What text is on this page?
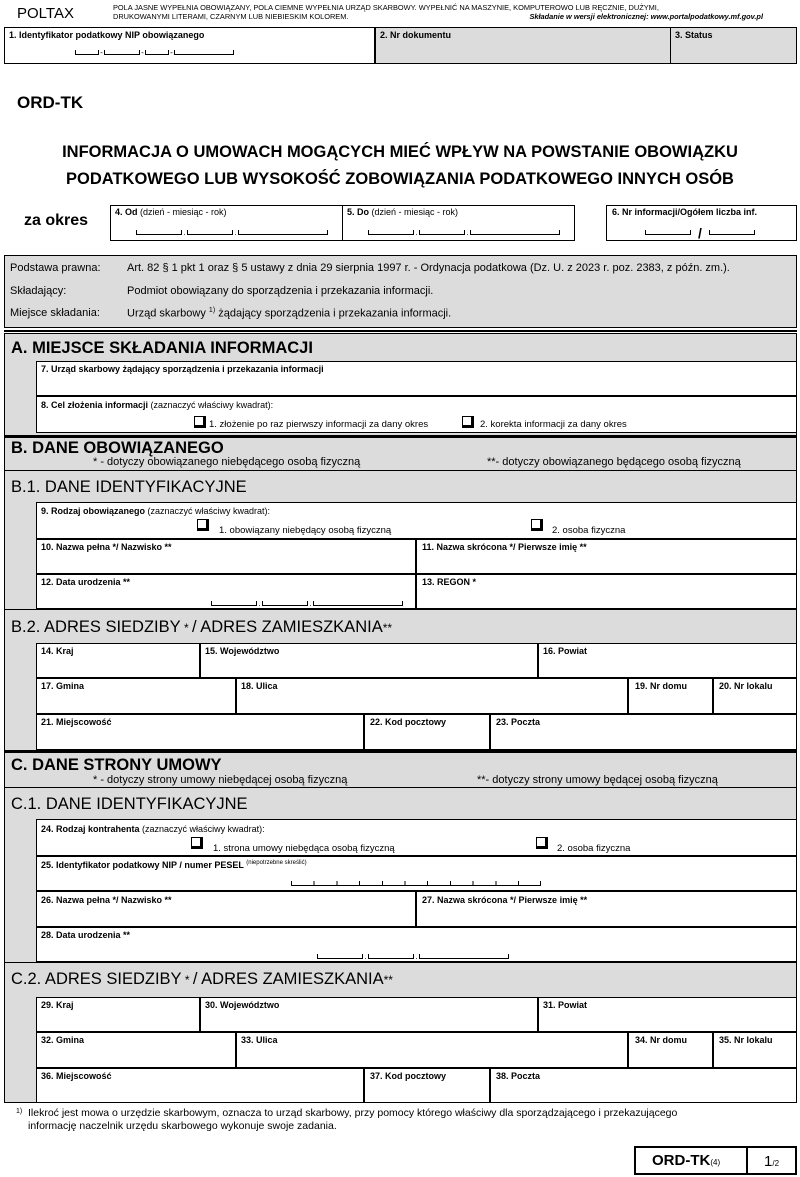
POLTAX	POLA JASNE WYPEŁNIA OBOWIĄZANY, POLA CIEMNE WYPEŁNIA URZĄD SKARBOWY. WYPEŁNIĆ NA MASZYNIE, KOMPUTEROWO LUB RĘCZNIE, DUŻYMI,
DRUKOWANYMI LITERAMI, CZARNYM LUB NIEBIESKIM KOLOREM.	Składanie w wersji elektronicznej: www.portalpodatkowy.mf.gov.pl
1. Identyfikator podatkowy NIP obowiązanego
-	-	-
2. Nr dokumentu	3. Status
ORD-TK
INFORMACJA O UMOWACH MOGĄCYCH MIEĆ WPŁYW NA POWSTANIE OBOWIĄZKU
PODATKOWEGO LUB WYSOKOŚĆ ZOBOWIĄZANIA PODATKOWEGO INNYCH OSÓB
za okres	4. Od (dzień - miesiąc - rok)
.	.
5. Do (dzień - miesiąc - rok)
.	.
6. Nr informacji/Ogółem liczba inf.
/
Podstawa prawna: Art. 82 § 1 pkt 1 oraz § 5 ustawy z dnia 29 sierpnia 1997 r. - Ordynacja podatkowa (Dz. U. z 2023 r. poz. 2383, z późn. zm.).
Składający:	Podmiot obowiązany do sporządzenia i przekazania informacji.
Miejsce składania: Urząd skarbowy $^{1)}$ żądający sporządzenia i przekazania informacji.
A. MIEJSCE SKŁADANIA INFORMACJI
7. Urząd skarbowy żądający sporządzenia i przekazania informacji
8. Cel złożenia informacji (zaznaczyć właściwy kwadrat):
1. złożenie po raz pierwszy informacji za dany okres	2. korekta informacji za dany okres
B. DANE OBOWIĄZANEGO
* - dotyczy obowiązanego niebędącego osobą fizyczną	**- dotyczy obowiązanego będącego osobą fizyczną
B.1. DANE IDENTYFIKACYJNE
B.2. ADRES SIEDZIBY * / ADRES ZAMIESZKANIA**
9. Rodzaj obowiązanego (zaznaczyć właściwy kwadrat):
1. obowiązany niebędący osobą fizyczną	2. osoba fizyczna
10. Nazwa pełna */ Nazwisko **	11. Nazwa skrócona */ Pierwsze imię **
12. Data urodzenia **
.	.
13. REGON *
14. Kraj	15. Województwo	16. Powiat
17. Gmina	18. Ulica	19. Nr domu	20. Nr lokalu
21. Miejscowość	22. Kod pocztowy	23. Poczta
C. DANE STRONY UMOWY
* - dotyczy strony umowy niebędącej osobą fizyczną	**- dotyczy strony umowy będącej osobą fizyczną
C.1. DANE IDENTYFIKACYJNE
C.2. ADRES SIEDZIBY * / ADRES ZAMIESZKANIA**
24. Rodzaj kontrahenta (zaznaczyć właściwy kwadrat):
1. strona umowy niebędąca osobą fizyczną	2. osoba fizyczna
25. Identyfikator podatkowy NIP / numer PESEL $^{(niepotrzebne skreślić)}$
26. Nazwa pełna */ Nazwisko **	27. Nazwa skrócona */ Pierwsze imię **
28. Data urodzenia **
.	.
29. Kraj	30. Województwo	31. Powiat
32. Gmina	33. Ulica	34. Nr domu	35. Nr lokalu
36. Miejscowość	37. Kod pocztowy	38. Poczta
1) Ilekroć jest mowa o urzędzie skarbowym, oznacza to urząd skarbowy, przy pomocy którego właściwy dla sporządzającego i przekazującego
informację naczelnik urzędu skarbowego wykonuje swoje zadania.
ORD-TK(4)	1/2
